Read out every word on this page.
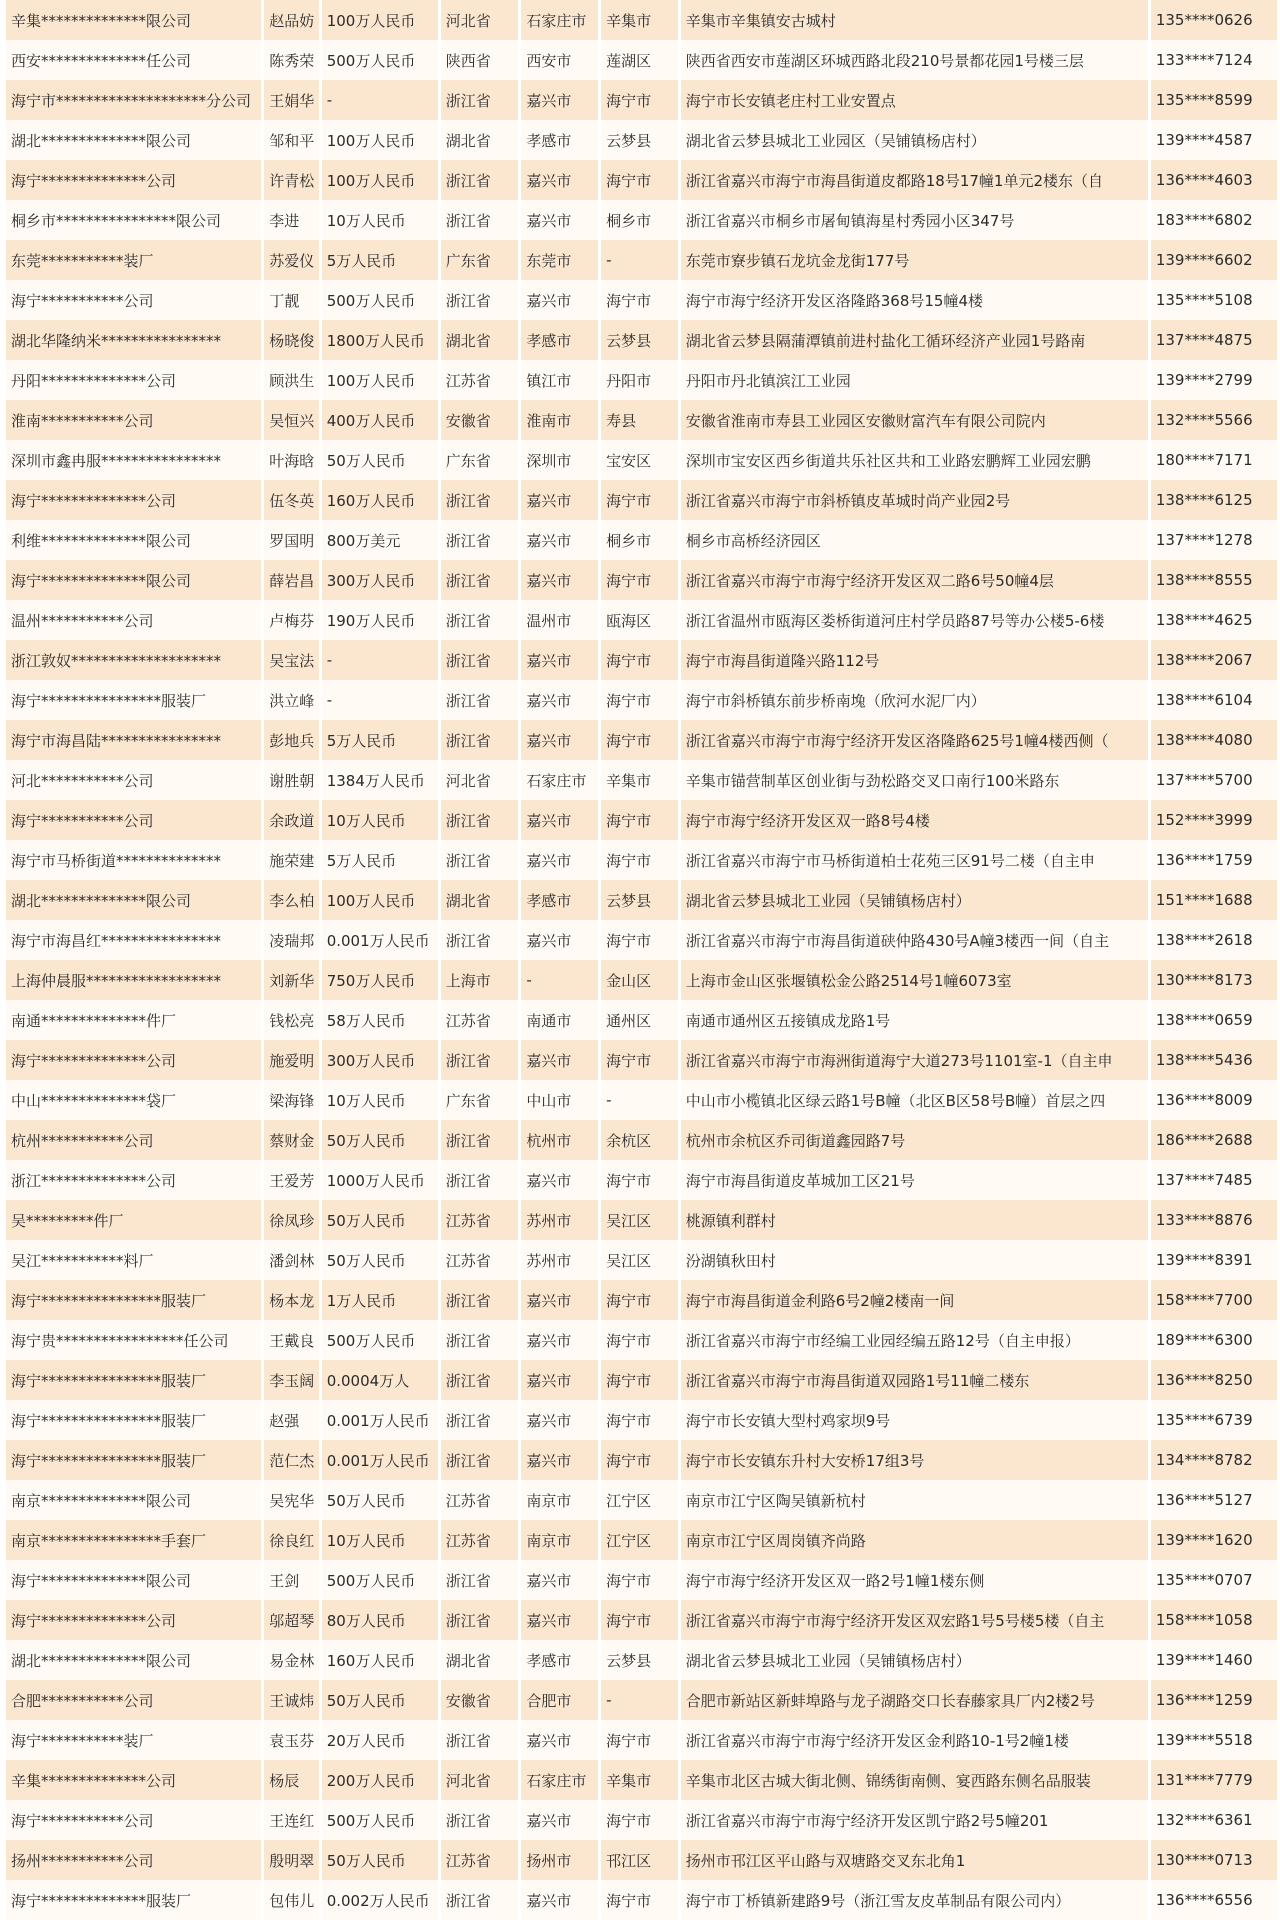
辛集**************限公司	赵品妨	100万人民币	河北省	石家庄市	辛集市	辛集市辛集镇安古城村	135****0626
西安**************任公司	陈秀荣	500万人民币	陕西省	西安市	莲湖区	陕西省西安市莲湖区环城西路北段210号景都花园1号楼三层	133****7124
海宁市********************分公司	王娟华	-	浙江省	嘉兴市	海宁市	海宁市长安镇老庄村工业安置点	135****8599
湖北**************限公司	邹和平	100万人民币	湖北省	孝感市	云梦县	湖北省云梦县城北工业园区（吴铺镇杨店村）	139****4587
海宁**************公司	许青松	100万人民币	浙江省	嘉兴市	海宁市	浙江省嘉兴市海宁市海昌街道皮都路18号17幢1单元2楼东（自	136****4603
桐乡市****************限公司	李进	10万人民币	浙江省	嘉兴市	桐乡市	浙江省嘉兴市桐乡市屠甸镇海星村秀园小区347号	183****6802
东莞***********装厂	苏爱仪	5万人民币	广东省	东莞市	-	东莞市寮步镇石龙坑金龙街177号	139****6602
海宁***********公司	丁靓	500万人民币	浙江省	嘉兴市	海宁市	海宁市海宁经济开发区洛隆路368号15幢4楼	135****5108
湖北华隆纳米****************	杨晓俊	1800万人民币	湖北省	孝感市	云梦县	湖北省云梦县隔蒲潭镇前进村盐化工循环经济产业园1号路南	137****4875
丹阳**************公司	顾洪生	100万人民币	江苏省	镇江市	丹阳市	丹阳市丹北镇滨江工业园	139****2799
淮南***********公司	吴恒兴	400万人民币	安徽省	淮南市	寿县	安徽省淮南市寿县工业园区安徽财富汽车有限公司院内	132****5566
深圳市鑫冉服****************	叶海晗	50万人民币	广东省	深圳市	宝安区	深圳市宝安区西乡街道共乐社区共和工业路宏鹏辉工业园宏鹏	180****7171
海宁**************公司	伍冬英	160万人民币	浙江省	嘉兴市	海宁市	浙江省嘉兴市海宁市斜桥镇皮革城时尚产业园2号	138****6125
利维**************限公司	罗国明	800万美元	浙江省	嘉兴市	桐乡市	桐乡市高桥经济园区	137****1278
海宁**************限公司	薛岩昌	300万人民币	浙江省	嘉兴市	海宁市	浙江省嘉兴市海宁市海宁经济开发区双二路6号50幢4层	138****8555
温州***********公司	卢梅芬	190万人民币	浙江省	温州市	瓯海区	浙江省温州市瓯海区娄桥街道河庄村学员路87号等办公楼5-6楼	138****4625
浙江敦奴********************	吴宝法	-	浙江省	嘉兴市	海宁市	海宁市海昌街道隆兴路112号	138****2067
海宁****************服装厂	洪立峰	-	浙江省	嘉兴市	海宁市	海宁市斜桥镇东前步桥南堍（欣河水泥厂内）	138****6104
海宁市海昌陆****************	彭地兵	5万人民币	浙江省	嘉兴市	海宁市	浙江省嘉兴市海宁市海宁经济开发区洛隆路625号1幢4楼西侧（	138****4080
河北***********公司	谢胜朝	1384万人民币	河北省	石家庄市	辛集市	辛集市锚营制革区创业街与劲松路交叉口南行100米路东	137****5700
海宁***********公司	余政道	10万人民币	浙江省	嘉兴市	海宁市	海宁市海宁经济开发区双一路8号4楼	152****3999
海宁市马桥街道**************	施荣建	5万人民币	浙江省	嘉兴市	海宁市	浙江省嘉兴市海宁市马桥街道柏士花苑三区91号二楼（自主申	136****1759
湖北**************限公司	李么柏	100万人民币	湖北省	孝感市	云梦县	湖北省云梦县城北工业园（吴铺镇杨店村）	151****1688
海宁市海昌红****************	凌瑞邦	0.001万人民币	浙江省	嘉兴市	海宁市	浙江省嘉兴市海宁市海昌街道硖仲路430号A幢3楼西一间（自主	138****2618
上海仲晨服******************	刘新华	750万人民币	上海市	-	金山区	上海市金山区张堰镇松金公路2514号1幢6073室	130****8173
南通**************件厂	钱松亮	58万人民币	江苏省	南通市	通州区	南通市通州区五接镇成龙路1号	138****0659
海宁**************公司	施爱明	300万人民币	浙江省	嘉兴市	海宁市	浙江省嘉兴市海宁市海洲街道海宁大道273号1101室-1（自主申	138****5436
中山**************袋厂	梁海锋	10万人民币	广东省	中山市	-	中山市小榄镇北区绿云路1号B幢（北区B区58号B幢）首层之四	136****8009
杭州***********公司	蔡财金	50万人民币	浙江省	杭州市	余杭区	杭州市余杭区乔司街道鑫园路7号	186****2688
浙江**************公司	王爱芳	1000万人民币	浙江省	嘉兴市	海宁市	海宁市海昌街道皮革城加工区21号	137****7485
吴*********件厂	徐凤珍	50万人民币	江苏省	苏州市	吴江区	桃源镇利群村	133****8876
吴江***********料厂	潘剑林	50万人民币	江苏省	苏州市	吴江区	汾湖镇秋田村	139****8391
海宁****************服装厂	杨本龙	1万人民币	浙江省	嘉兴市	海宁市	海宁市海昌街道金利路6号2幢2楼南一间	158****7700
海宁贵*****************任公司	王戴良	500万人民币	浙江省	嘉兴市	海宁市	浙江省嘉兴市海宁市经编工业园经编五路12号（自主申报）	189****6300
海宁****************服装厂	李玉阔	0.0004万人	浙江省	嘉兴市	海宁市	浙江省嘉兴市海宁市海昌街道双园路1号11幢二楼东	136****8250
海宁****************服装厂	赵强	0.001万人民币	浙江省	嘉兴市	海宁市	海宁市长安镇大型村鸡家坝9号	135****6739
海宁****************服装厂	范仁杰	0.001万人民币	浙江省	嘉兴市	海宁市	海宁市长安镇东升村大安桥17组3号	134****8782
南京**************限公司	吴宪华	50万人民币	江苏省	南京市	江宁区	南京市江宁区陶吴镇新杭村	136****5127
南京****************手套厂	徐良红	10万人民币	江苏省	南京市	江宁区	南京市江宁区周岗镇齐尚路	139****1620
海宁**************限公司	王剑	500万人民币	浙江省	嘉兴市	海宁市	海宁市海宁经济开发区双一路2号1幢1楼东侧	135****0707
海宁**************公司	邬超琴	80万人民币	浙江省	嘉兴市	海宁市	浙江省嘉兴市海宁市海宁经济开发区双宏路1号5号楼5楼（自主	158****1058
湖北**************限公司	易金林	160万人民币	湖北省	孝感市	云梦县	湖北省云梦县城北工业园（吴铺镇杨店村）	139****1460
合肥***********公司	王诚炜	50万人民币	安徽省	合肥市	-	合肥市新站区新蚌埠路与龙子湖路交口长春藤家具厂内2楼2号	136****1259
海宁***********装厂	袁玉芬	20万人民币	浙江省	嘉兴市	海宁市	浙江省嘉兴市海宁市海宁经济开发区金利路10-1号2幢1楼	139****5518
辛集**************公司	杨辰	200万人民币	河北省	石家庄市	辛集市	辛集市北区古城大街北侧、锦绣街南侧、宴西路东侧名品服装	131****7779
海宁***********公司	王连红	500万人民币	浙江省	嘉兴市	海宁市	浙江省嘉兴市海宁市海宁经济开发区凯宁路2号5幢201	132****6361
扬州***********公司	殷明翠	50万人民币	江苏省	扬州市	邗江区	扬州市邗江区平山路与双塘路交叉东北角1	130****0713
海宁**************服装厂	包伟儿	0.002万人民币	浙江省	嘉兴市	海宁市	海宁市丁桥镇新建路9号（浙江雪友皮革制品有限公司内）	136****6556
